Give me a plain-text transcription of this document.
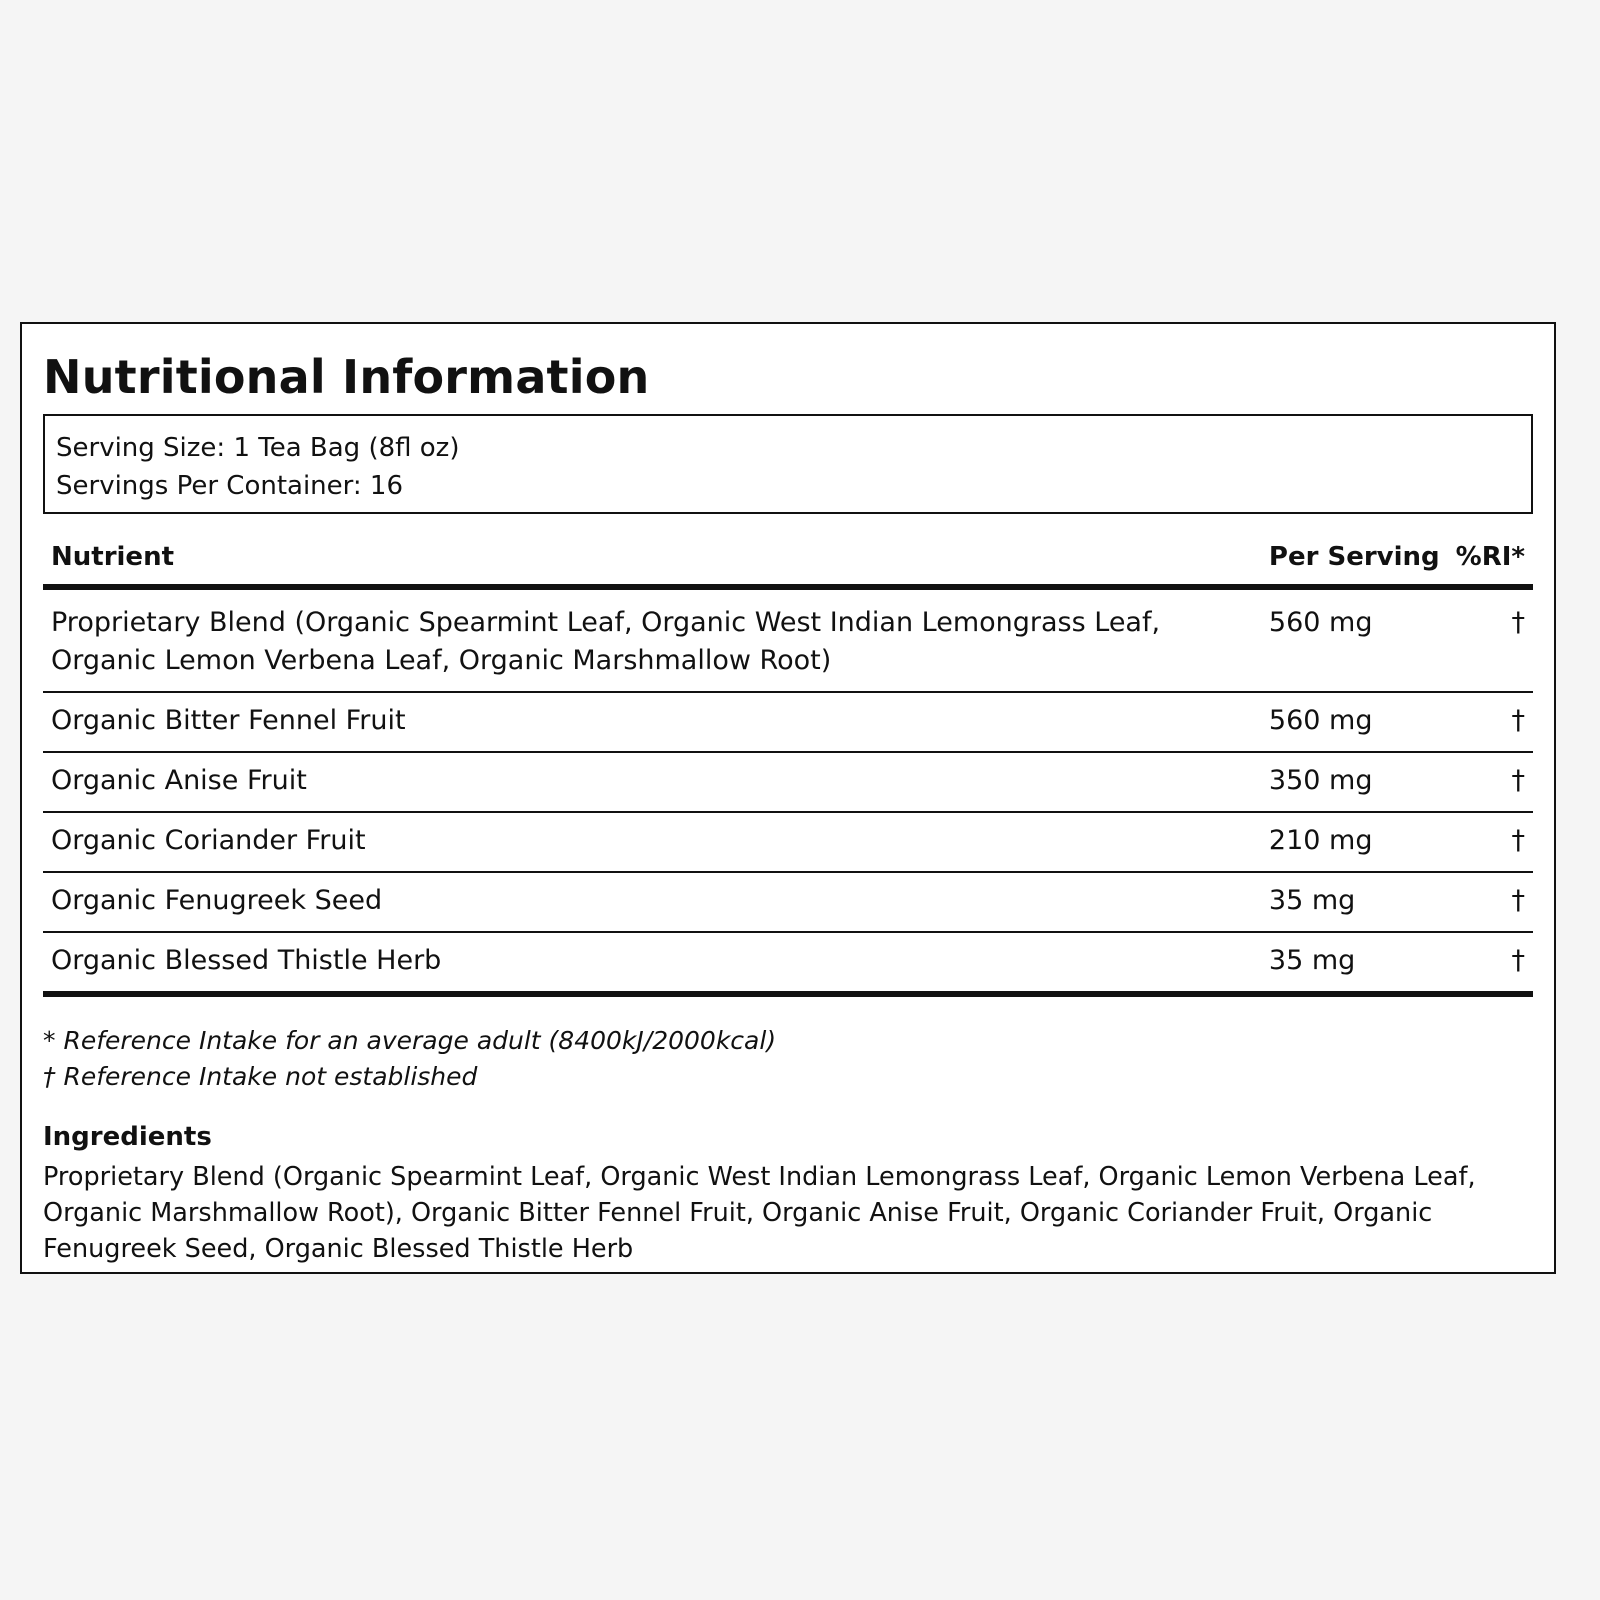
Nutritional Information
Serving Size: 1 Tea Bag (8fl oz)
Servings Per Container: 16
Nutrient	Per Serving	%RI*
Proprietary Blend (Organic Spearmint Leaf, Organic West Indian Lemongrass Leaf, Organic Lemon Verbena Leaf, Organic Marshmallow Root)	560 mg	†
Organic Bitter Fennel Fruit	560 mg	†
Organic Anise Fruit	350 mg	†
Organic Coriander Fruit	210 mg	†
Organic Fenugreek Seed	35 mg	†
Organic Blessed Thistle Herb	35 mg	†
* Reference Intake for an average adult (8400kJ/2000kcal)
† Reference Intake not established
Ingredients
Proprietary Blend (Organic Spearmint Leaf, Organic West Indian Lemongrass Leaf, Organic Lemon Verbena Leaf, Organic Marshmallow Root), Organic Bitter Fennel Fruit, Organic Anise Fruit, Organic Coriander Fruit, Organic Fenugreek Seed, Organic Blessed Thistle Herb
